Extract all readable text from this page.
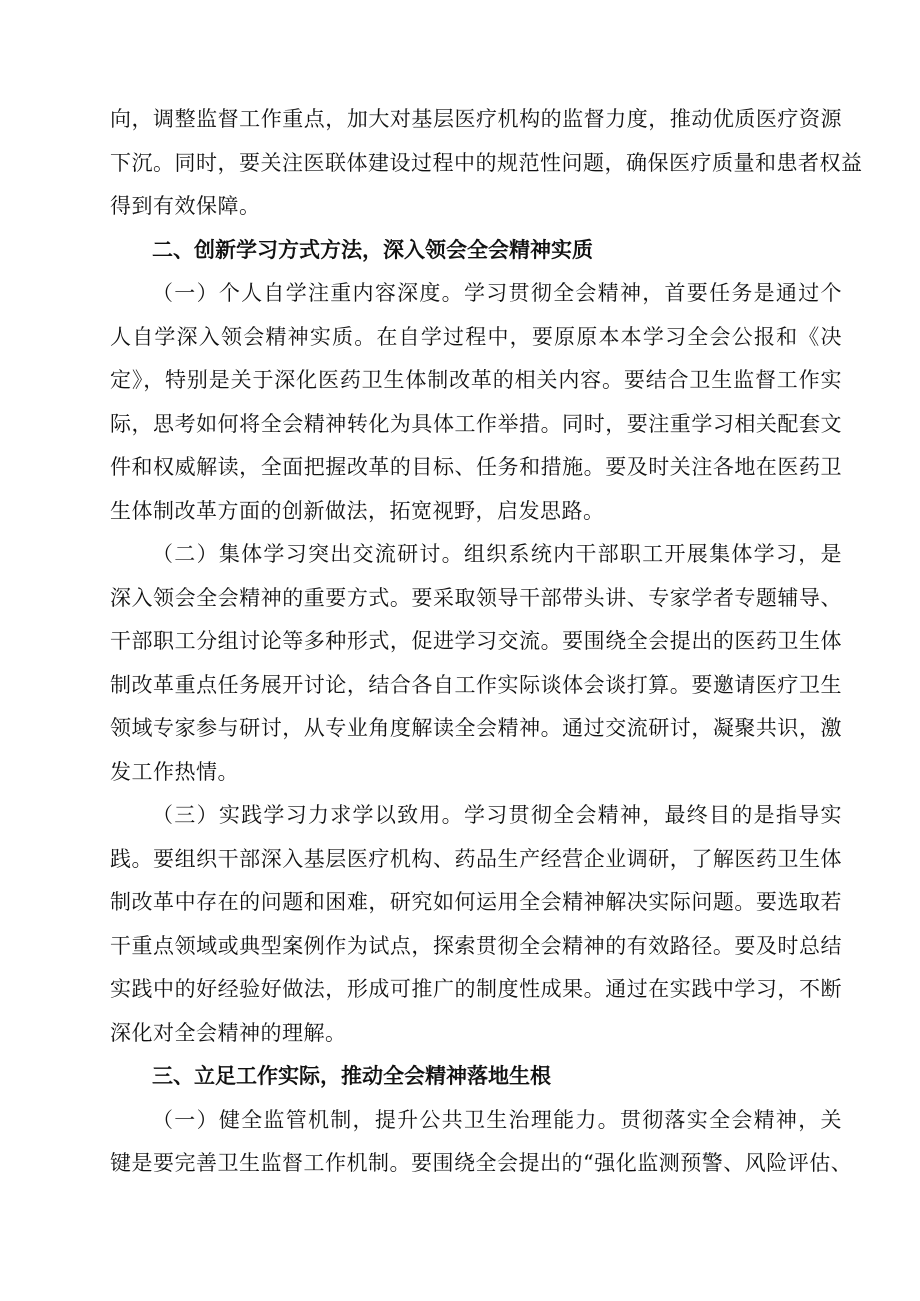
向，调整监督工作重点，加大对基层医疗机构的监督力度，推动优质医疗资源
下沉。同时，要关注医联体建设过程中的规范性问题，确保医疗质量和患者权益
得到有效保障。
二、创新学习方式方法，深入领会全会精神实质
（一）个人自学注重内容深度。学习贯彻全会精神，首要任务是通过个
人自学深入领会精神实质。在自学过程中，要原原本本学习全会公报和《决
定》，特别是关于深化医药卫生体制改革的相关内容。要结合卫生监督工作实
际，思考如何将全会精神转化为具体工作举措。同时，要注重学习相关配套文
件和权威解读，全面把握改革的目标、任务和措施。要及时关注各地在医药卫
生体制改革方面的创新做法，拓宽视野，启发思路。
（二）集体学习突出交流研讨。组织系统内干部职工开展集体学习，是
深入领会全会精神的重要方式。要采取领导干部带头讲、专家学者专题辅导、
干部职工分组讨论等多种形式，促进学习交流。要围绕全会提出的医药卫生体
制改革重点任务展开讨论，结合各自工作实际谈体会谈打算。要邀请医疗卫生
领域专家参与研讨，从专业角度解读全会精神。通过交流研讨，凝聚共识，激
发工作热情。
（三）实践学习力求学以致用。学习贯彻全会精神，最终目的是指导实
践。要组织干部深入基层医疗机构、药品生产经营企业调研，了解医药卫生体
制改革中存在的问题和困难，研究如何运用全会精神解决实际问题。要选取若
干重点领域或典型案例作为试点，探索贯彻全会精神的有效路径。要及时总结
实践中的好经验好做法，形成可推广的制度性成果。通过在实践中学习，不断
深化对全会精神的理解。
三、立足工作实际，推动全会精神落地生根
（一）健全监管机制，提升公共卫生治理能力。贯彻落实全会精神，关
键是要完善卫生监督工作机制。要围绕全会提出的“强化监测预警、风险评估、
